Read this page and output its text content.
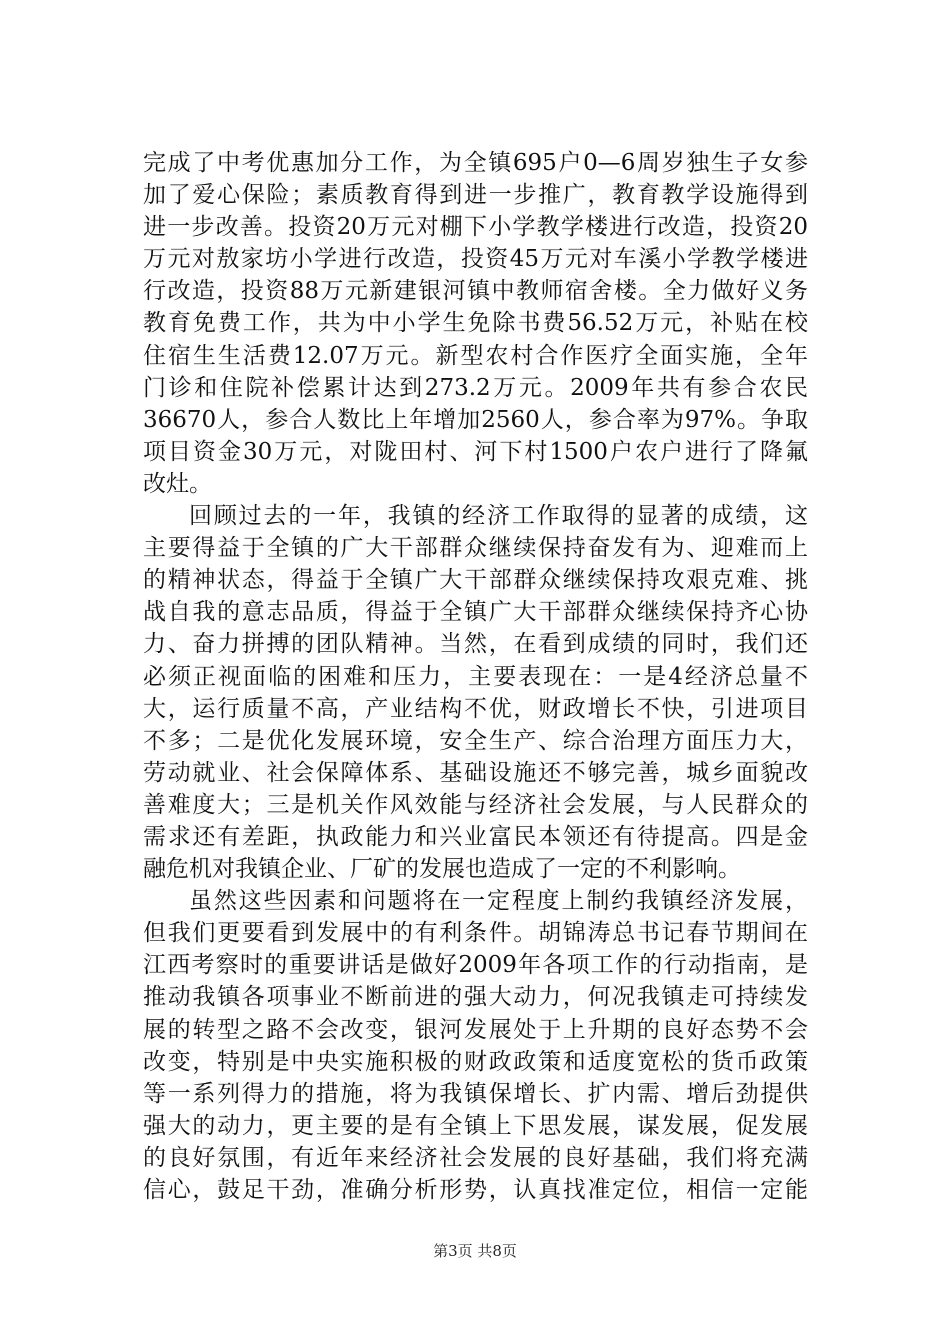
完成了中考优惠加分工作，为全镇695户0—6周岁独生子女参
加了爱心保险；素质教育得到进一步推广，教育教学设施得到
进一步改善。投资20万元对棚下小学教学楼进行改造，投资20
万元对敖家坊小学进行改造，投资45万元对车溪小学教学楼进
行改造，投资88万元新建银河镇中教师宿舍楼。全力做好义务
教育免费工作，共为中小学生免除书费56.52万元，补贴在校
住宿生生活费12.07万元。新型农村合作医疗全面实施，全年
门诊和住院补偿累计达到273.2万元。2009年共有参合农民
36670人，参合人数比上年增加2560人，参合率为97%。争取
项目资金30万元，对陇田村、河下村1500户农户进行了降氟
改灶。
回顾过去的一年，我镇的经济工作取得的显著的成绩，这
主要得益于全镇的广大干部群众继续保持奋发有为、迎难而上
的精神状态，得益于全镇广大干部群众继续保持攻艰克难、挑
战自我的意志品质，得益于全镇广大干部群众继续保持齐心协
力、奋力拼搏的团队精神。当然，在看到成绩的同时，我们还
必须正视面临的困难和压力，主要表现在：一是4经济总量不
大，运行质量不高，产业结构不优，财政增长不快，引进项目
不多；二是优化发展环境，安全生产、综合治理方面压力大，
劳动就业、社会保障体系、基础设施还不够完善，城乡面貌改
善难度大；三是机关作风效能与经济社会发展，与人民群众的
需求还有差距，执政能力和兴业富民本领还有待提高。四是金
融危机对我镇企业、厂矿的发展也造成了一定的不利影响。
虽然这些因素和问题将在一定程度上制约我镇经济发展，
但我们更要看到发展中的有利条件。胡锦涛总书记春节期间在
江西考察时的重要讲话是做好2009年各项工作的行动指南，是
推动我镇各项事业不断前进的强大动力，何况我镇走可持续发
展的转型之路不会改变，银河发展处于上升期的良好态势不会
改变，特别是中央实施积极的财政政策和适度宽松的货币政策
等一系列得力的措施，将为我镇保增长、扩内需、增后劲提供
强大的动力，更主要的是有全镇上下思发展，谋发展，促发展
的良好氛围，有近年来经济社会发展的良好基础，我们将充满
信心，鼓足干劲，准确分析形势，认真找准定位，相信一定能
第3页 共8页
